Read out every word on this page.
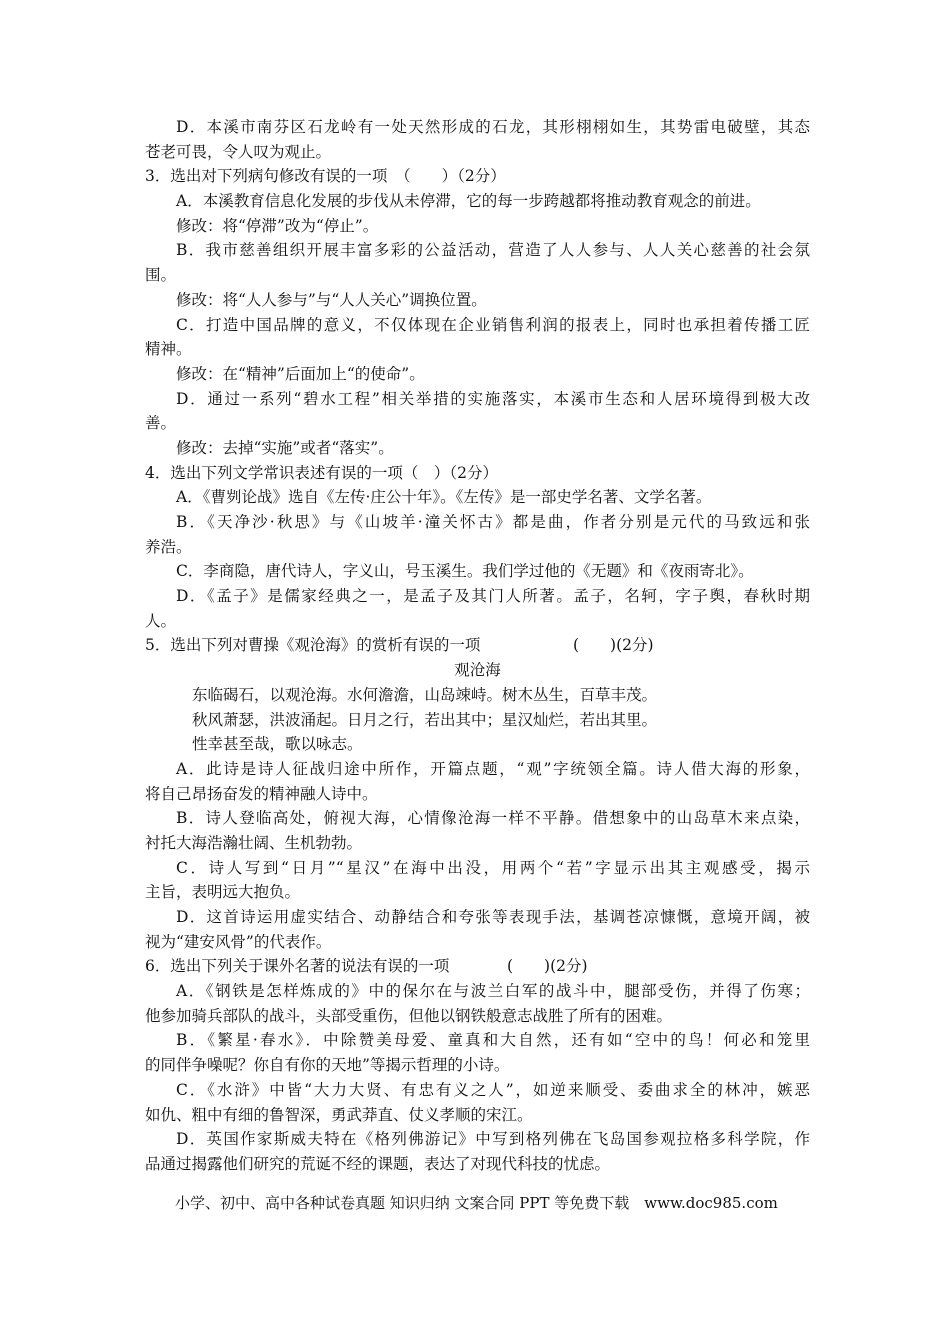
D．本溪市南芬区石龙岭有一处天然形成的石龙，其形栩栩如生，其势雷电破壁，其态
苍老可畏，令人叹为观止。
3．选出对下列病句修改有误的一项　（　　）（2分）
A．本溪教育信息化发展的步伐从未停滞，它的每一步跨越都将推动教育观念的前进。
修改：将“停滞”改为“停止”。
B．我市慈善组织开展丰富多彩的公益活动，营造了人人参与、人人关心慈善的社会氛
围。
修改：将“人人参与”与“人人关心”调换位置。
C．打造中国品牌的意义，不仅体现在企业销售利润的报表上，同时也承担着传播工匠
精神。
修改：在“精神”后面加上“的使命”。
D．通过一系列“碧水工程”相关举措的实施落实，本溪市生态和人居环境得到极大改
善。
修改：去掉“实施”或者“落实”。
4．选出下列文学常识表述有误的一项（　）（2分）
A．《曹刿论战》选自《左传·庄公十年》。《左传》是一部史学名著、文学名著。
B．《天净沙·秋思》与《山坡羊·潼关怀古》都是曲，作者分别是元代的马致远和张
养浩。
C．李商隐，唐代诗人，字义山，号玉溪生。我们学过他的《无题》和《夜雨寄北》。
D．《孟子》是儒家经典之一，是孟子及其门人所著。孟子，名轲，字子舆，春秋时期
人。
5．选出下列对曹操《观沧海》的赏析有误的一项	(　　)(2分)
观沧海
东临碣石，以观沧海。水何澹澹，山岛竦峙。树木丛生，百草丰茂。
秋风萧瑟，洪波涌起。日月之行，若出其中；星汉灿烂，若出其里。
性幸甚至哉，歌以咏志。
A．此诗是诗人征战归途中所作，开篇点题，“观”字统领全篇。诗人借大海的形象，
将自己昂扬奋发的精神融人诗中。
B．诗人登临高处，俯视大海，心情像沧海一样不平静。借想象中的山岛草木来点染，
衬托大海浩瀚壮阔、生机勃勃。
C．诗人写到“日月”“星汉”在海中出没，用两个“若”字显示出其主观感受，揭示
主旨，表明远大抱负。
D．这首诗运用虚实结合、动静结合和夸张等表现手法，基调苍凉慷慨，意境开阔，被
视为“建安风骨”的代表作。
6．选出下列关于课外名著的说法有误的一项	(　　)(2分)
A．《钢铁是怎样炼成的》中的保尔在与波兰白军的战斗中，腿部受伤，并得了伤寒；
他参加骑兵部队的战斗，头部受重伤，但他以钢铁般意志战胜了所有的困难。
B．《繁星·春水》．中除赞美母爱、童真和大自然，还有如“空中的鸟！何必和笼里
的同伴争噪呢？你自有你的天地”等揭示哲理的小诗。
C．《水浒》中皆“大力大贤、有忠有义之人”，如逆来顺受、委曲求全的林冲，嫉恶
如仇、粗中有细的鲁智深，勇武莽直、仗义孝顺的宋江。
D．英国作家斯威夫特在《格列佛游记》中写到格列佛在飞岛国参观拉格多科学院，作
品通过揭露他们研究的荒诞不经的课题，表达了对现代科技的忧虑。
小学、初中、高中各种试卷真题 知识归纳 文案合同 PPT 等免费下载　www.doc985.com
